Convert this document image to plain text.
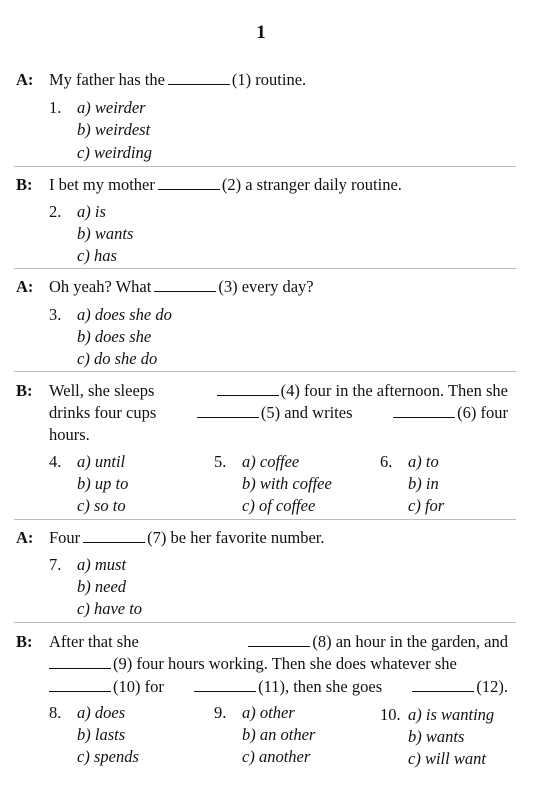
1
A: My father has the	(1) routine.
1. a) weirder
b) weirdest
c) weirding
B: I bet my mother	(2) a stranger daily routine.
2. a) is
b) wants
c) has
A: Oh yeah? What	(3) every day?
3. a) does she do
b) does she
c) do she do
B: Well, she sleeps	(4) four in the afternoon. Then she
drinks four cups	(5) and writes	(6) four
hours.
4. a) until
b) up to
c) so to
5. a) coffee
b) with coffee
c) of coffee
6. a) to
b) in
c) for
A: Four	(7) be her favorite number.
7. a) must
b) need
c) have to
B: After that she	(8) an hour in the garden, and
(9) four hours working. Then she does whatever she
(10) for	(11), then she goes	(12).
8. a) does
b) lasts
c) spends
9. a) other
b) an other
c) another
10. a) is wanting
b) wants
c) will want
